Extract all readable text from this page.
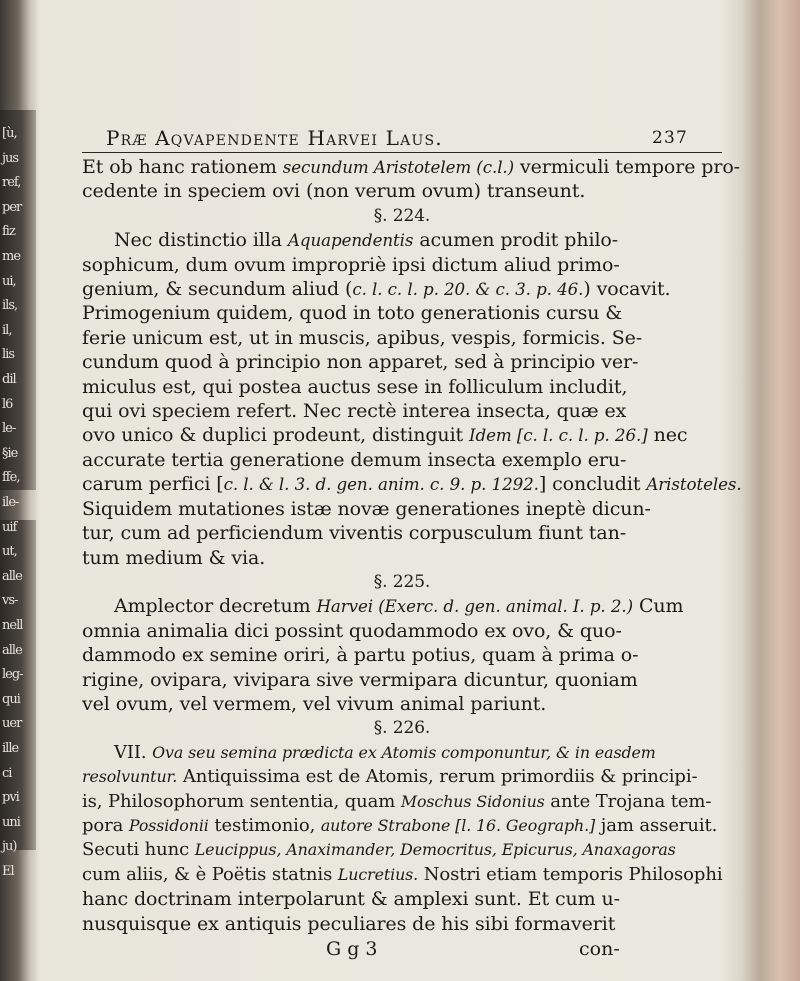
[ù,
jus
ref,
per
fiz
me
ui,
ils,
il,
lis
dil
l6
le-
§ie
ffe,
ile-
uif
ut,
alle
vs-
nell
alle
leg-
qui
uer
ille
ci
pvi
uni
ju)
El
Præ Aqvapendente Harvei Laus.	237
Et ob hanc rationem secundum Aristotelem (c.l.) vermiculi tempore pro-
cedente in speciem ovi (non verum ovum) transeunt.
§. 224.
Nec distinctio illa Aquapendentis acumen prodit philo-
sophicum, dum ovum impropriè ipsi dictum aliud primo-
genium, & secundum aliud (c. l. c. l. p. 20. & c. 3. p. 46.) vocavit.
Primogenium quidem, quod in toto generationis cursu &
ferie unicum est, ut in muscis, apibus, vespis, formicis. Se-
cundum quod à principio non apparet, sed à principio ver-
miculus est, qui postea auctus sese in folliculum includit,
qui ovi speciem refert. Nec rectè interea insecta, quæ ex
ovo unico & duplici prodeunt, distinguit Idem [c. l. c. l. p. 26.] nec
accurate tertia generatione demum insecta exemplo eru-
carum perfici [c. l. & l. 3. d. gen. anim. c. 9. p. 1292.] concludit Aristoteles.
Siquidem mutationes istæ novæ generationes ineptè dicun-
tur, cum ad perficiendum viventis corpusculum fiunt tan-
tum medium & via.
§. 225.
Amplector decretum Harvei (Exerc. d. gen. animal. I. p. 2.) Cum
omnia animalia dici possint quodammodo ex ovo, & quo-
dammodo ex semine oriri, à partu potius, quam à prima o-
rigine, ovipara, vivipara sive vermipara dicuntur, quoniam
vel ovum, vel vermem, vel vivum animal pariunt.
§. 226.
VII. Ova seu semina prædicta ex Atomis componuntur, & in easdem
resolvuntur. Antiquissima est de Atomis, rerum primordiis & principi-
is, Philosophorum sententia, quam Moschus Sidonius ante Trojana tem-
pora Possidonii testimonio, autore Strabone [l. 16. Geograph.] jam asseruit.
Secuti hunc Leucippus, Anaximander, Democritus, Epicurus, Anaxagoras
cum aliis, & è Poëtis statnis Lucretius. Nostri etiam temporis Philosophi
hanc doctrinam interpolarunt & amplexi sunt. Et cum u-
nusquisque ex antiquis peculiares de his sibi formaverit
G g 3	con-
